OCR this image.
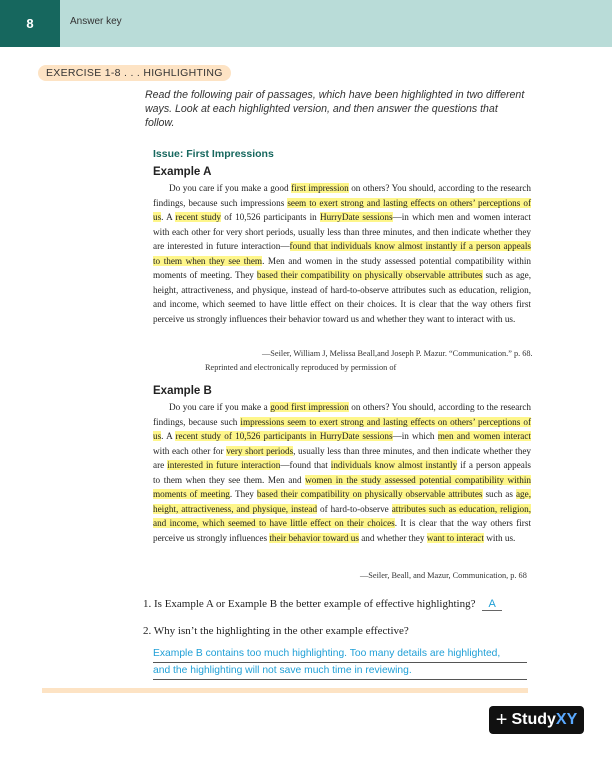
8	Answer key
EXERCISE 1-8 . . . HIGHLIGHTING
Read the following pair of passages, which have been highlighted in two different ways. Look at each highlighted version, and then answer the questions that follow.
Issue: First Impressions
Example A

Do you care if you make a good first impression on others? You should, according to the research findings, because such impressions seem to exert strong and lasting effects on others’ perceptions of us. A recent study of 10,526 participants in HurryDate sessions—in which men and women interact with each other for very short periods, usually less than three minutes, and then indicate whether they are interested in future interaction—found that individuals know almost instantly if a person appeals to them when they see them. Men and women in the study assessed potential compatibility within moments of meeting. They based their compatibility on physically observable attributes such as age, height, attractiveness, and physique, instead of hard-to-observe attributes such as education, religion, and income, which seemed to have little effect on their choices. It is clear that the way others first perceive us strongly influences their behavior toward us and whether they want to interact with us.

—Seiler, William J, Melissa Beall,and Joseph P. Mazur. “Communication.” p. 68.
Reprinted and electronically reproduced by permission of
Example B

Do you care if you make a good first impression on others? You should, according to the research findings, because such impressions seem to exert strong and lasting effects on others’ perceptions of us. A recent study of 10,526 participants in HurryDate sessions—in which men and women interact with each other for very short periods, usually less than three minutes, and then indicate whether they are interested in future interaction—found that individuals know almost instantly if a person appeals to them when they see them. Men and women in the study assessed potential compatibility within moments of meeting. They based their compatibility on physically observable attributes such as age, height, attractiveness, and physique, instead of hard-to-observe attributes such as education, religion, and income, which seemed to have little effect on their choices. It is clear that the way others first perceive us strongly influences their behavior toward us and whether they want to interact with us.

—Seiler, Beall, and Mazur, Communication, p. 68
1. Is Example A or Example B the better example of effective highlighting? A
2. Why isn’t the highlighting in the other example effective?
Example B contains too much highlighting. Too many details are highlighted,
and the highlighting will not save much time in reviewing.
+ Study XY
